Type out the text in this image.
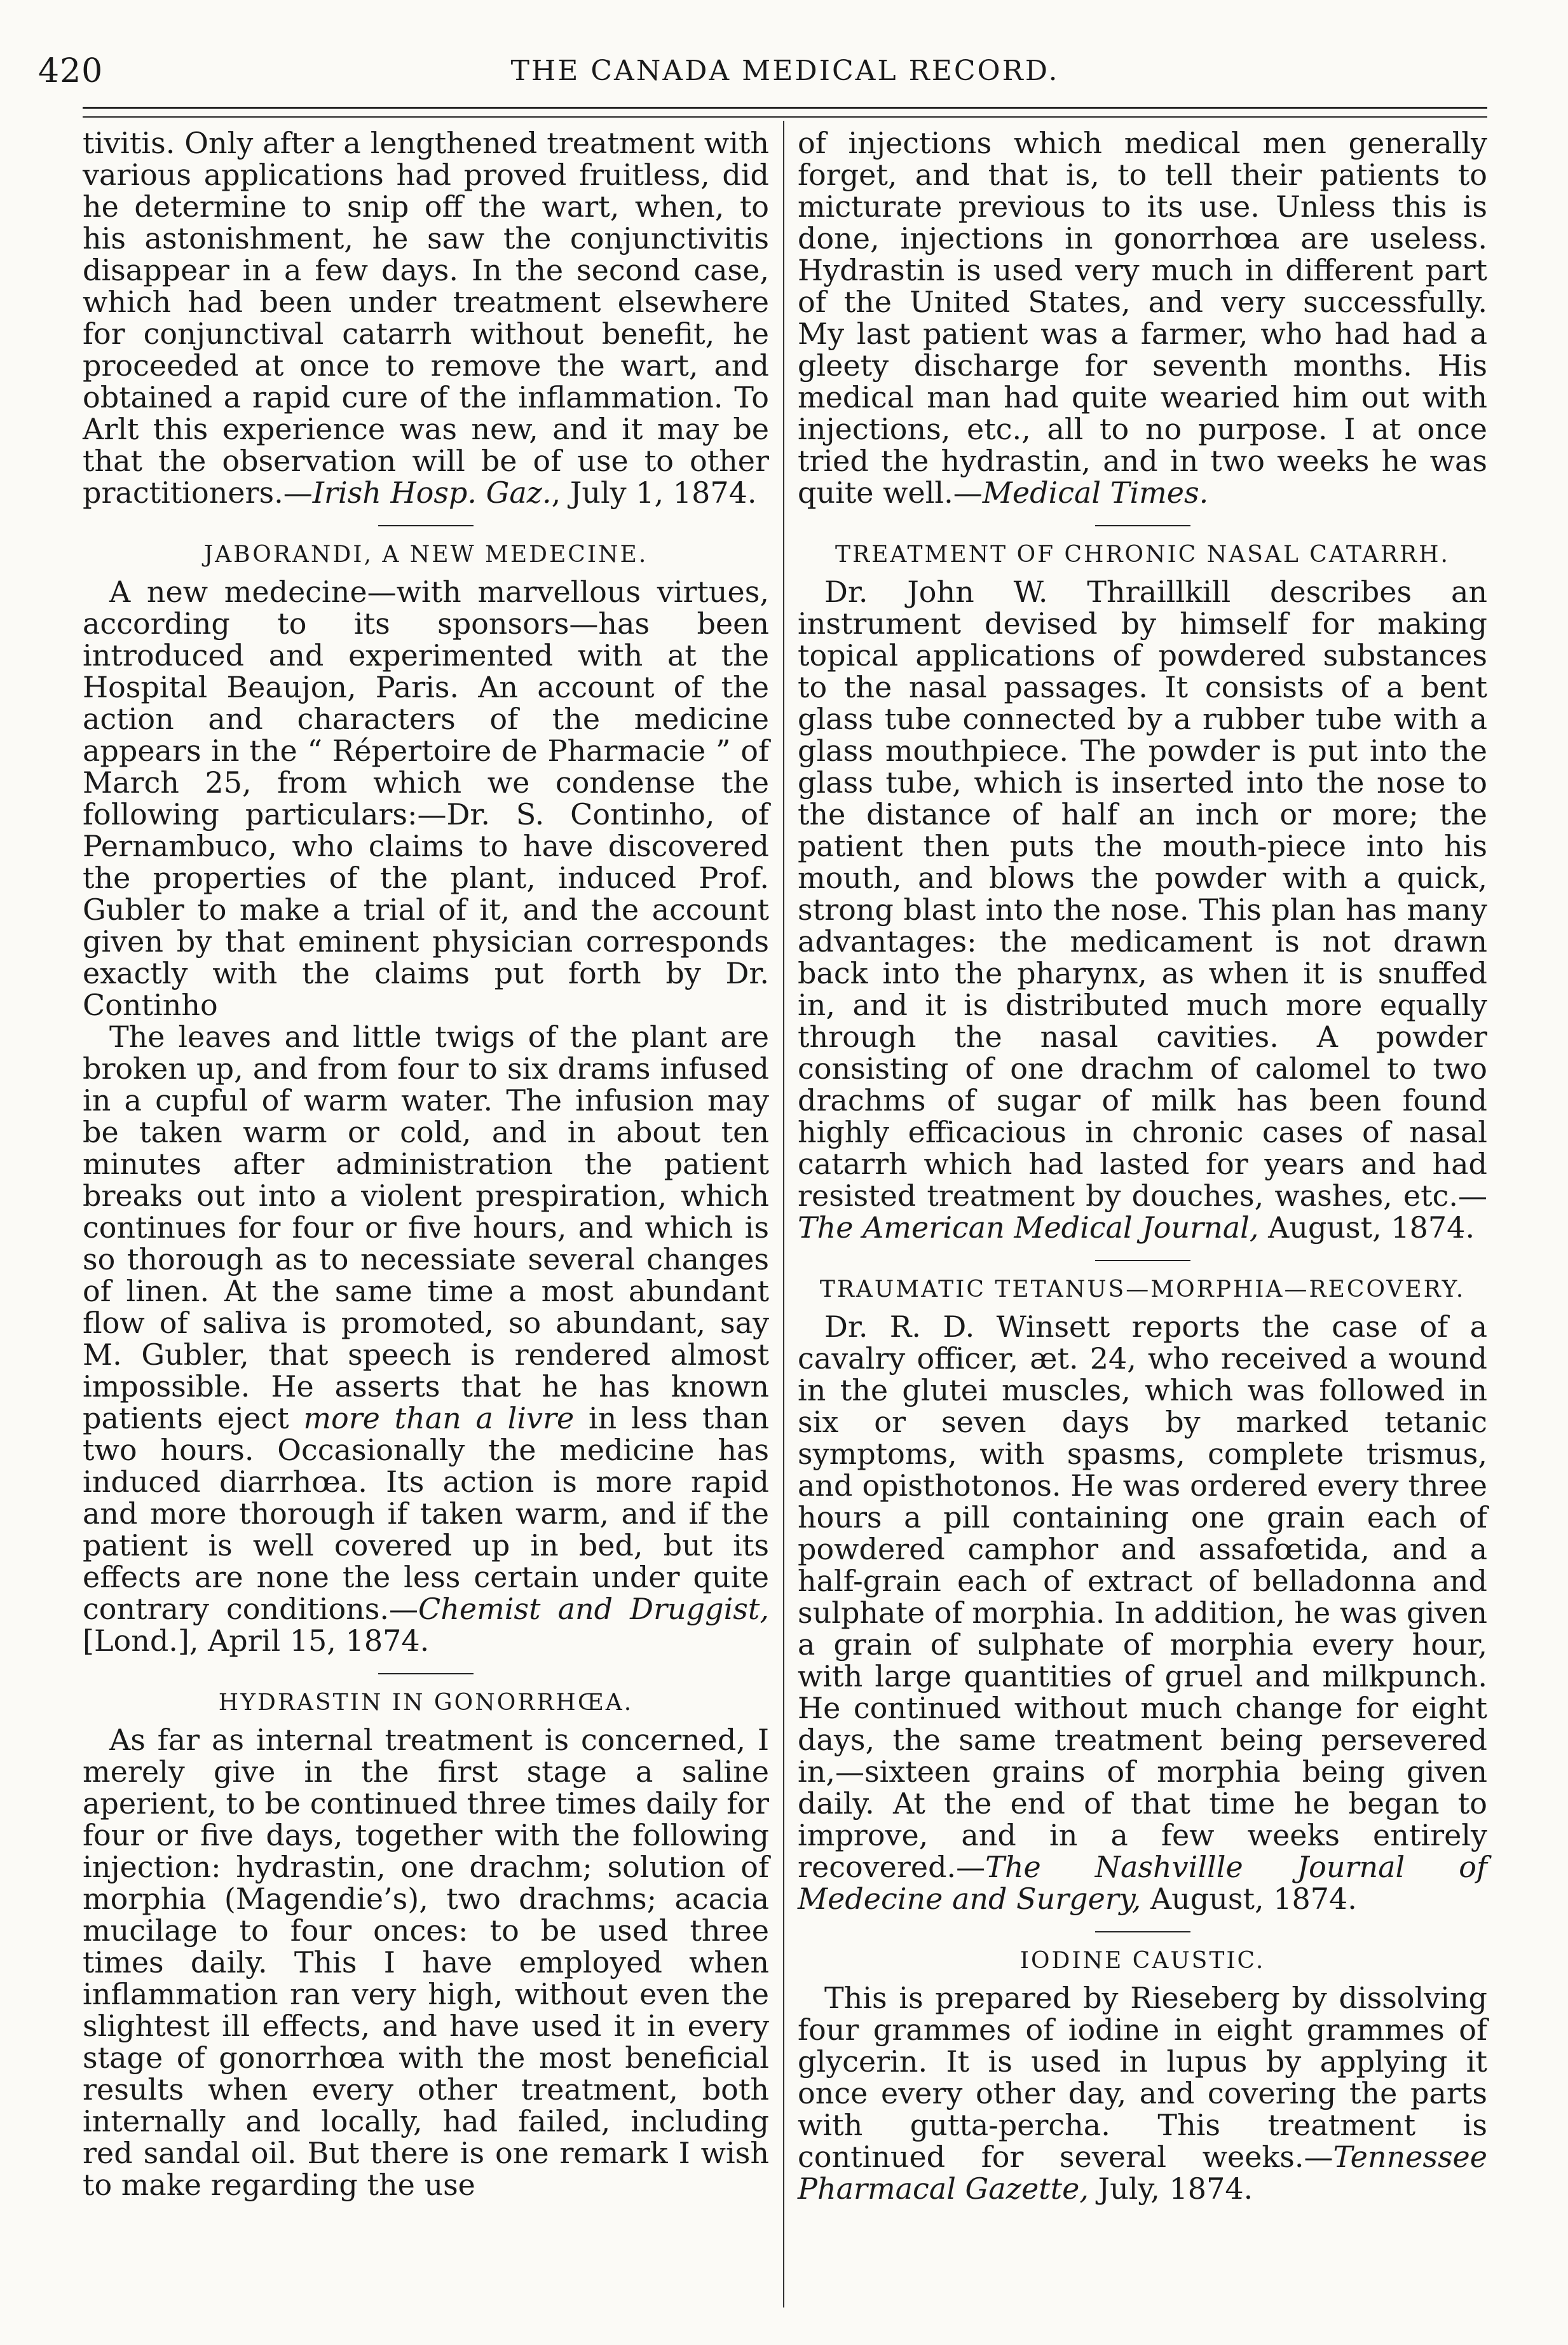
420	THE CANADA MEDICAL RECORD.

tivitis. Only after a lengthened treatment with various applications had proved fruitless, did he determine to snip off the wart, when, to his astonishment, he saw the conjunctivitis disappear in a few days. In the second case, which had been under treatment elsewhere for conjunctival catarrh without benefit, he proceeded at once to remove the wart, and obtained a rapid cure of the inflammation. To Arlt this experience was new, and it may be that the observation will be of use to other practitioners.—Irish Hosp. Gaz., July 1, 1874.

JABORANDI, A NEW MEDECINE.

A new medecine—with marvellous virtues, according to its sponsors—has been introduced and experimented with at the Hospital Beaujon, Paris. An account of the action and characters of the medicine appears in the “ Répertoire de Pharmacie ” of March 25, from which we condense the following particulars:—Dr. S. Continho, of Pernambuco, who claims to have discovered the properties of the plant, induced Prof. Gubler to make a trial of it, and the account given by that eminent physician corresponds exactly with the claims put forth by Dr. Continho

The leaves and little twigs of the plant are broken up, and from four to six drams infused in a cupful of warm water. The infusion may be taken warm or cold, and in about ten minutes after administration the patient breaks out into a violent prespiration, which continues for four or five hours, and which is so thorough as to necessiate several changes of linen. At the same time a most abundant flow of saliva is promoted, so abundant, say M. Gubler, that speech is rendered almost impossible. He asserts that he has known patients eject more than a livre in less than two hours. Occasionally the medicine has induced diarrhœa. Its action is more rapid and more thorough if taken warm, and if the patient is well covered up in bed, but its effects are none the less certain under quite contrary conditions.—Chemist and Druggist, [Lond.], April 15, 1874.

HYDRASTIN IN GONORRHŒA.

As far as internal treatment is concerned, I merely give in the first stage a saline aperient, to be continued three times daily for four or five days, together with the following injection: hydrastin, one drachm; solution of morphia (Magendie’s), two drachms; acacia mucilage to four onces: to be used three times daily. This I have employed when inflammation ran very high, without even the slightest ill effects, and have used it in every stage of gonorrhœa with the most beneficial results when every other treatment, both internally and locally, had failed, including red sandal oil. But there is one remark I wish to make regarding the use

of injections which medical men generally forget, and that is, to tell their patients to micturate previous to its use. Unless this is done, injections in gonorrhœa are useless. Hydrastin is used very much in different part of the United States, and very successfully. My last patient was a farmer, who had had a gleety discharge for seventh months. His medical man had quite wearied him out with injections, etc., all to no purpose. I at once tried the hydrastin, and in two weeks he was quite well.—Medical Times.

TREATMENT OF CHRONIC NASAL CATARRH.

Dr. John W. Thraillkill describes an instrument devised by himself for making topical applications of powdered substances to the nasal passages. It consists of a bent glass tube connected by a rubber tube with a glass mouthpiece. The powder is put into the glass tube, which is inserted into the nose to the distance of half an inch or more; the patient then puts the mouth-piece into his mouth, and blows the powder with a quick, strong blast into the nose. This plan has many advantages: the medicament is not drawn back into the pharynx, as when it is snuffed in, and it is distributed much more equally through the nasal cavities. A powder consisting of one drachm of calomel to two drachms of sugar of milk has been found highly efficacious in chronic cases of nasal catarrh which had lasted for years and had resisted treatment by douches, washes, etc.—The American Medical Journal, August, 1874.

TRAUMATIC TETANUS—MORPHIA—RECOVERY.

Dr. R. D. Winsett reports the case of a cavalry officer, æt. 24, who received a wound in the glutei muscles, which was followed in six or seven days by marked tetanic symptoms, with spasms, complete trismus, and opisthotonos. He was ordered every three hours a pill containing one grain each of powdered camphor and assafœtida, and a half-grain each of extract of belladonna and sulphate of morphia. In addition, he was given a grain of sulphate of morphia every hour, with large quantities of gruel and milkpunch. He continued without much change for eight days, the same treatment being persevered in,—sixteen grains of morphia being given daily. At the end of that time he began to improve, and in a few weeks entirely recovered.—The Nashvillle Journal of Medecine and Surgery, August, 1874.

IODINE CAUSTIC.

This is prepared by Rieseberg by dissolving four grammes of iodine in eight grammes of glycerin. It is used in lupus by applying it once every other day, and covering the parts with gutta-percha. This treatment is continued for several weeks.—Tennessee Pharmacal Gazette, July, 1874.
